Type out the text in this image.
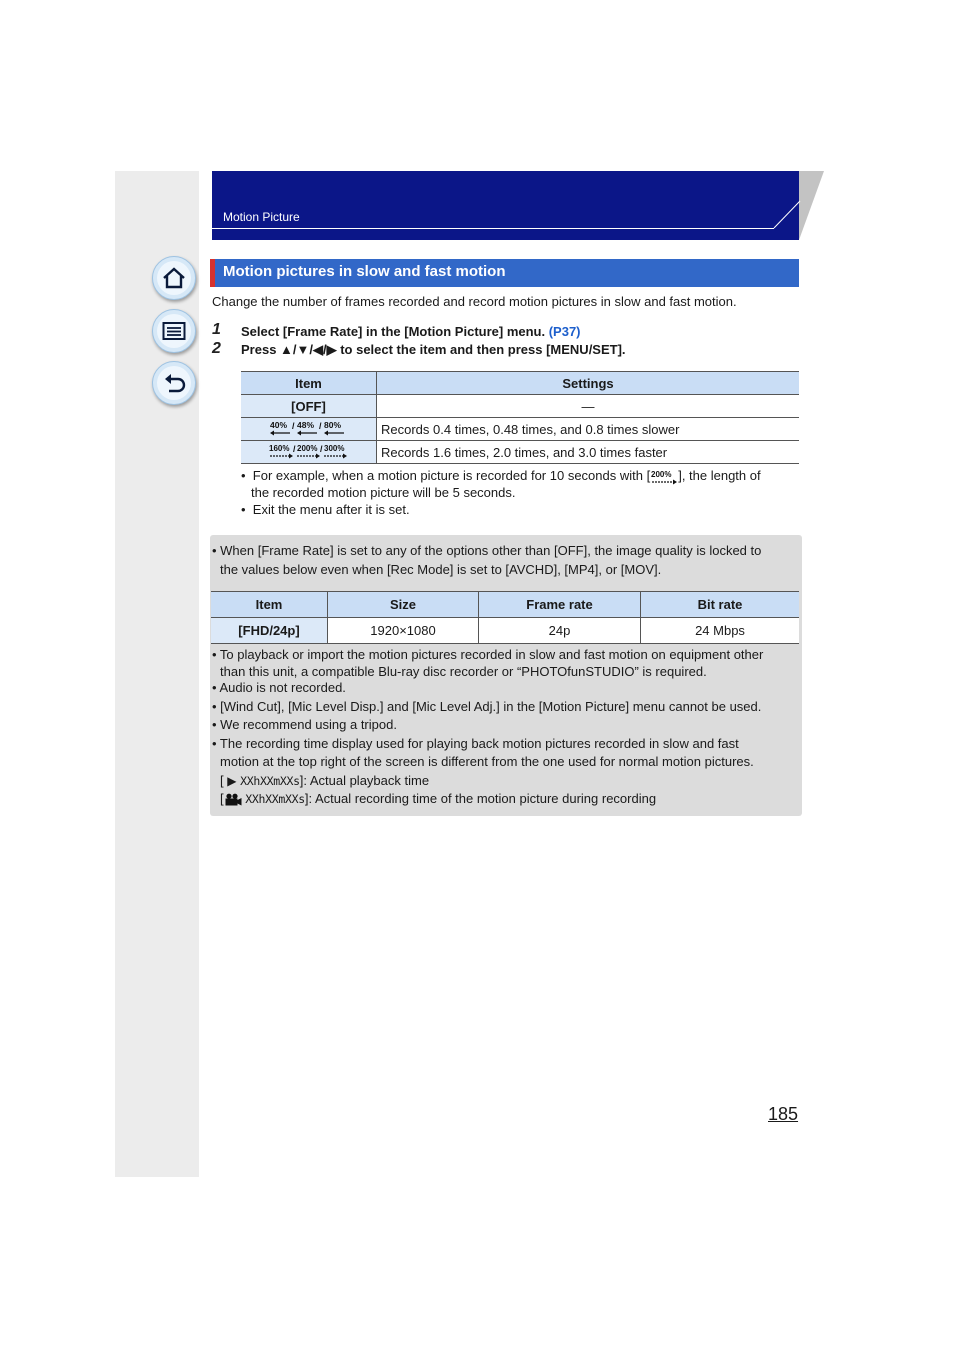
Motion Picture
Motion pictures in slow and fast motion
Change the number of frames recorded and record motion pictures in slow and fast motion.
1 Select [Frame Rate] in the [Motion Picture] menu. (P37)
2 Press ▲/▼/◀/▶ to select the item and then press [MENU/SET].
Item	Settings
[OFF]	—

40% / 48% / 80%	Records 0.4 times, 0.48 times, and 0.8 times slower

160% / 200% / 300%	Records 1.6 times, 2.0 times, and 3.0 times faster
•  For example, when a motion picture is recorded for 10 seconds with [ 200% ], the length of
the recorded motion picture will be 5 seconds.
•  Exit the menu after it is set.
• When [Frame Rate] is set to any of the options other than [OFF], the image quality is locked to
the values below even when [Rec Mode] is set to [AVCHD], [MP4], or [MOV].
Item	Size	Frame rate	Bit rate
[FHD/24p]	1920×1080	24p	24 Mbps
• To playback or import the motion pictures recorded in slow and fast motion on equipment other
than this unit, a compatible Blu-ray disc recorder or “PHOTOfunSTUDIO” is required.
• Audio is not recorded.
• [Wind Cut], [Mic Level Disp.] and [Mic Level Adj.] in the [Motion Picture] menu cannot be used.
• We recommend using a tripod.
• The recording time display used for playing back motion pictures recorded in slow and fast
motion at the top right of the screen is different from the one used for normal motion pictures.
[ ▶ XXhXXmXXs]: Actual playback time
[ XXhXXmXXs]: Actual recording time of the motion picture during recording
185
